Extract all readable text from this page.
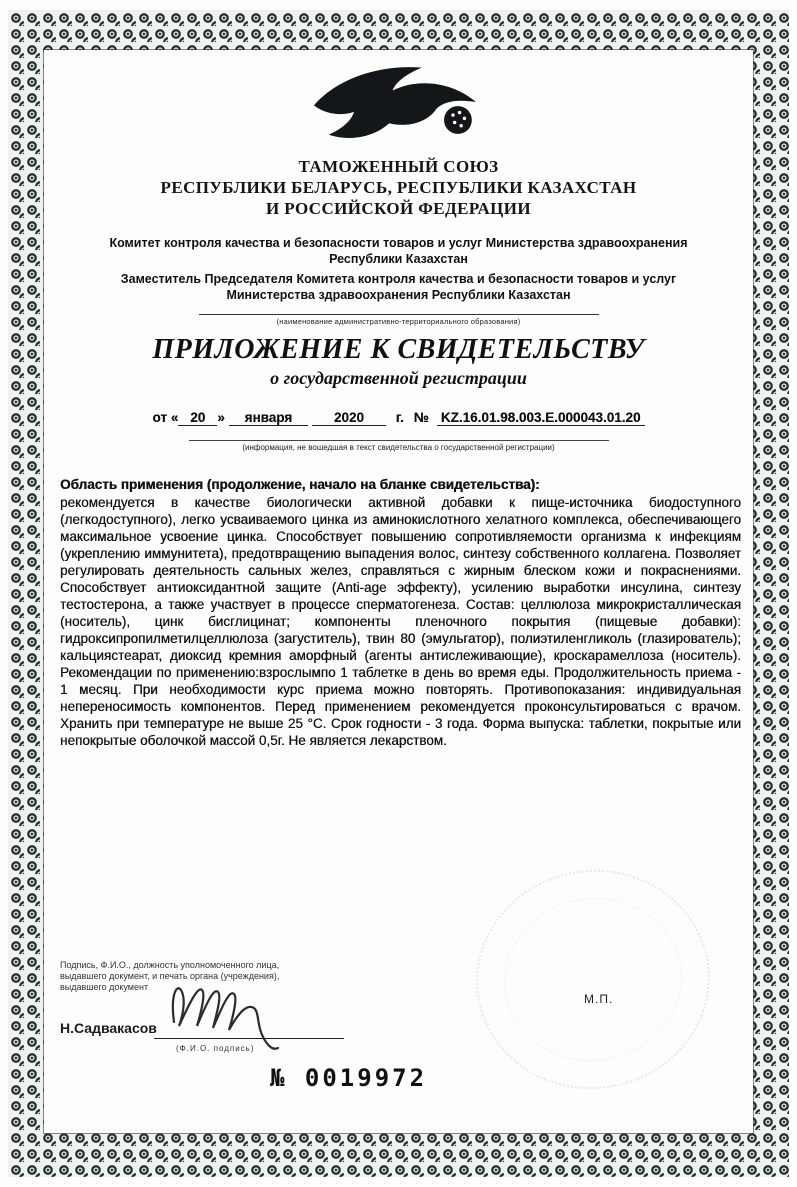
ТАМОЖЕННЫЙ СОЮЗ
РЕСПУБЛИКИ БЕЛАРУСЬ, РЕСПУБЛИКИ КАЗАХСТАН
И РОССИЙСКОЙ ФЕДЕРАЦИИ
Комитет контроля качества и безопасности товаров и услуг Министерства здравоохранения Республики Казахстан
Заместитель Председателя Комитета контроля качества и безопасности товаров и услуг Министерства здравоохранения Республики Казахстан
(наименование административно-территориального образования)
ПРИЛОЖЕНИЕ К СВИДЕТЕЛЬСТВУ
о государственной регистрации
от « 20 » января	2020 г. № KZ.16.01.98.003.Е.000043.01.20
(информация, не вошедшая в текст свидетельства о государственной регистрации)
Область применения (продолжение, начало на бланке свидетельства):
рекомендуется в качестве биологически активной добавки к пище-источника биодоступного (легкодоступного), легко усваиваемого цинка из аминокислотного хелатного комплекса, обеспечивающего максимальное усвоение цинка. Способствует повышению сопротивляемости организма к инфекциям (укреплению иммунитета), предотвращению выпадения волос, синтезу собственного коллагена. Позволяет регулировать деятельность сальных желез, справляться с жирным блеском кожи и покраснениями. Способствует антиоксидантной защите (Anti-age эффекту), усилению выработки инсулина, синтезу тестостерона, а также участвует в процессе сперматогенеза. Состав: целлюлоза микрокристаллическая (носитель), цинк бисглицинат; компоненты пленочного покрытия (пищевые добавки): гидроксипропилметилцеллюлоза (загуститель), твин 80 (эмульгатор), полиэтиленгликоль (глазирователь); кальциястеарат, диоксид кремния аморфный (агенты антислеживающие), кроскарамеллоза (носитель). Рекомендации по применению:взрослымпо 1 таблетке в день во время еды. Продолжительность приема - 1 месяц. При необходимости курс приема можно повторять. Противопоказания: индивидуальная непереносимость компонентов. Перед применением рекомендуется проконсультироваться с врачом. Хранить при температуре не выше 25 °С. Срок годности - 3 года. Форма выпуска: таблетки, покрытые или непокрытые оболочкой массой 0,5г. Не является лекарством.
Подпись, Ф.И.О., должность уполномоченного лица,
выдавшего документ, и печать органа (учреждения),
выдавшего документ
Н.Садвакасов
(Ф.И.О. подпись)
М.П.
№ 0019972
